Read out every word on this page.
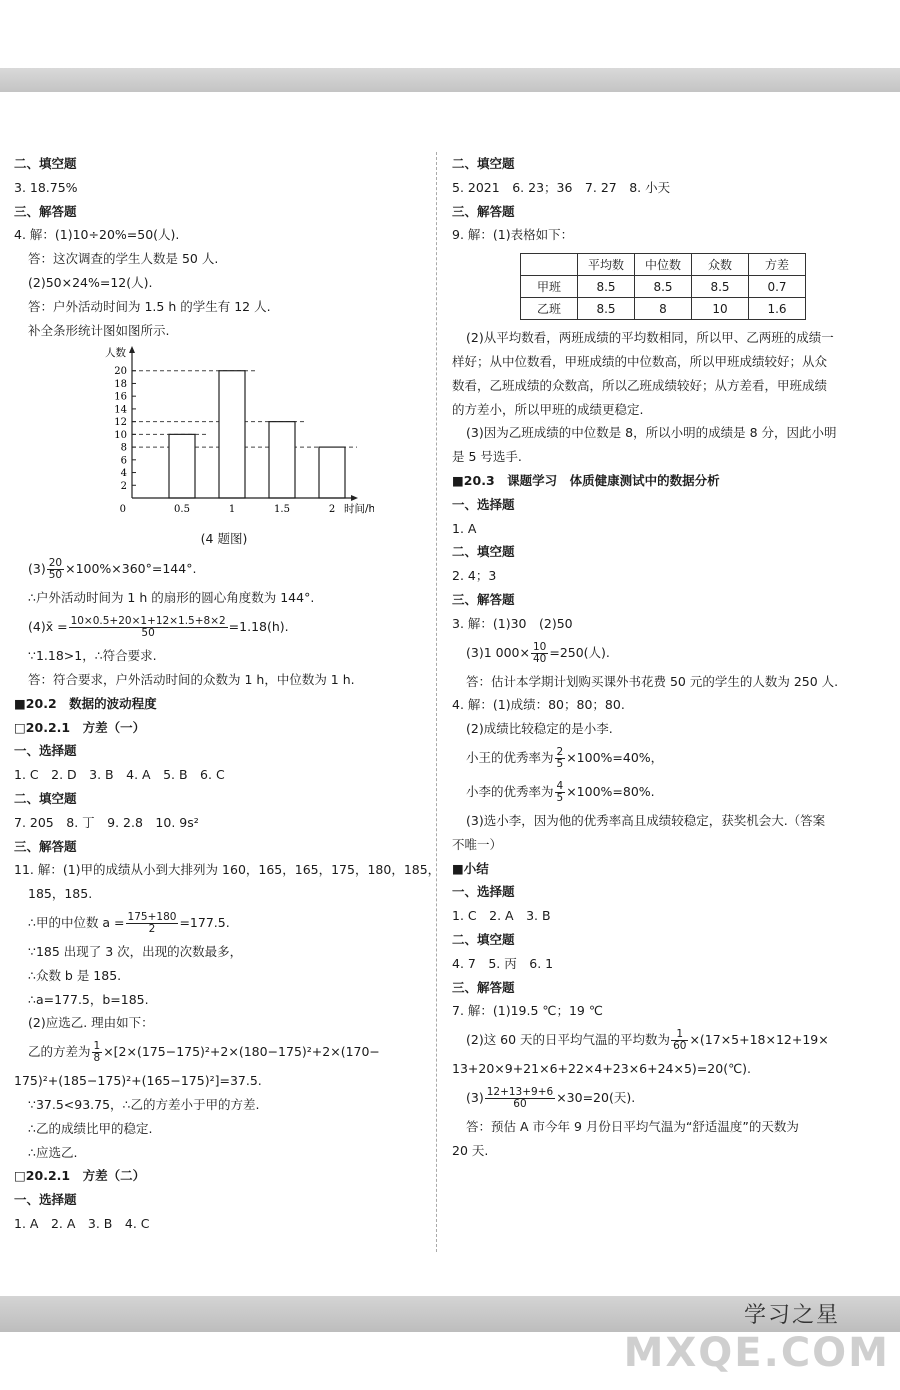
二、填空题
3. 18.75%
三、解答题
4. 解：(1)10÷20%=50(人).
答：这次调查的学生人数是 50 人.
(2)50×24%=12(人).
答：户外活动时间为 1.5 h 的学生有 12 人.
补全条形统计图如图所示.
0.5	1	1.5	2
2
4
6
8
10
12
14
16
18
20
0
人数
时间/h
(4 题图)
$(3) \frac{20}{50} \times 100\%\times 360^\circ=144^\circ$.
∴户外活动时间为 1 h 的扇形的圆心角度数为 144°.
(4)x̄ = $\frac{10\times 0.5+20\times 1+12\times 1.5+8\times 2}{50} =1.18(h)$.
∵1.18>1，∴符合要求.
答：符合要求，户外活动时间的众数为 1 h，中位数为 1 h.
■20.2　数据的波动程度
□20.2.1　方差（一）
一、选择题
1. C　2. D　3. B　4. A　5. B　6. C
二、填空题
7. 205　8. 丁　9. 2.8　10. 9s²
三、解答题
11. 解：(1)甲的成绩从小到大排列为 160，165，165，175，180，185，
185，185.
∴甲的中位数 $a = \frac{175+180}{2} =177.5$.
∵185 出现了 3 次，出现的次数最多，
∴众数 b 是 185.
∴a=177.5，b=185.
(2)应选乙. 理由如下：
乙的方差为 $\frac{1}{8} \times[2\times(175-175)^2+2\times(180-175)^2+2\times(170-$
175)²+(185−175)²+(165−175)²]=37.5.
∵37.5<93.75，∴乙的方差小于甲的方差.
∴乙的成绩比甲的稳定.
∴应选乙.
□20.2.1　方差（二）
一、选择题
1. A　2. A　3. B　4. C
二、填空题
5. 2021　6. 23；36　7. 27　8. 小天
三、解答题
9. 解：(1)表格如下：
	平均数	中位数	众数	方差
甲班	8.5	8.5	8.5	0.7
乙班	8.5	8	10	1.6
(2)从平均数看，两班成绩的平均数相同，所以甲、乙两班的成绩一
样好；从中位数看，甲班成绩的中位数高，所以甲班成绩较好；从众
数看，乙班成绩的众数高，所以乙班成绩较好；从方差看，甲班成绩
的方差小，所以甲班的成绩更稳定.
(3)因为乙班成绩的中位数是 8，所以小明的成绩是 8 分，因此小明
是 5 号选手.
■20.3　课题学习　体质健康测试中的数据分析
一、选择题
1. A
二、填空题
2. 4；3
三、解答题
3. 解：(1)30　(2)50
(3)1 $000\times \frac{10}{40} =250$(人).
答：估计本学期计划购买课外书花费 50 元的学生的人数为 250 人.
4. 解：(1)成绩：80；80；80.
(2)成绩比较稳定的是小李.
小王的优秀率为 $\frac{2}{5} \times 100\%=40\%$，
小李的优秀率为 $\frac{4}{5} \times 100\%=80\%$.
(3)选小李，因为他的优秀率高且成绩较稳定，获奖机会大.（答案
不唯一）
■小结
一、选择题
1. C　2. A　3. B
二、填空题
4. 7　5. 丙　6. 1
三、解答题
7. 解：(1)19.5 ℃；19 ℃
(2)这 60 天的日平均气温的平均数为 $\frac{1}{60} \times(17\times 5+18\times 12+19\times$
13+20×9+21×6+22×4+23×6+24×5)=20(℃).
$(3) \frac{12+13+9+6}{60} \times 30=20$(天).
答：预估 A 市今年 9 月份日平均气温为“舒适温度”的天数为
20 天.
学习之星
MXQE.COM
